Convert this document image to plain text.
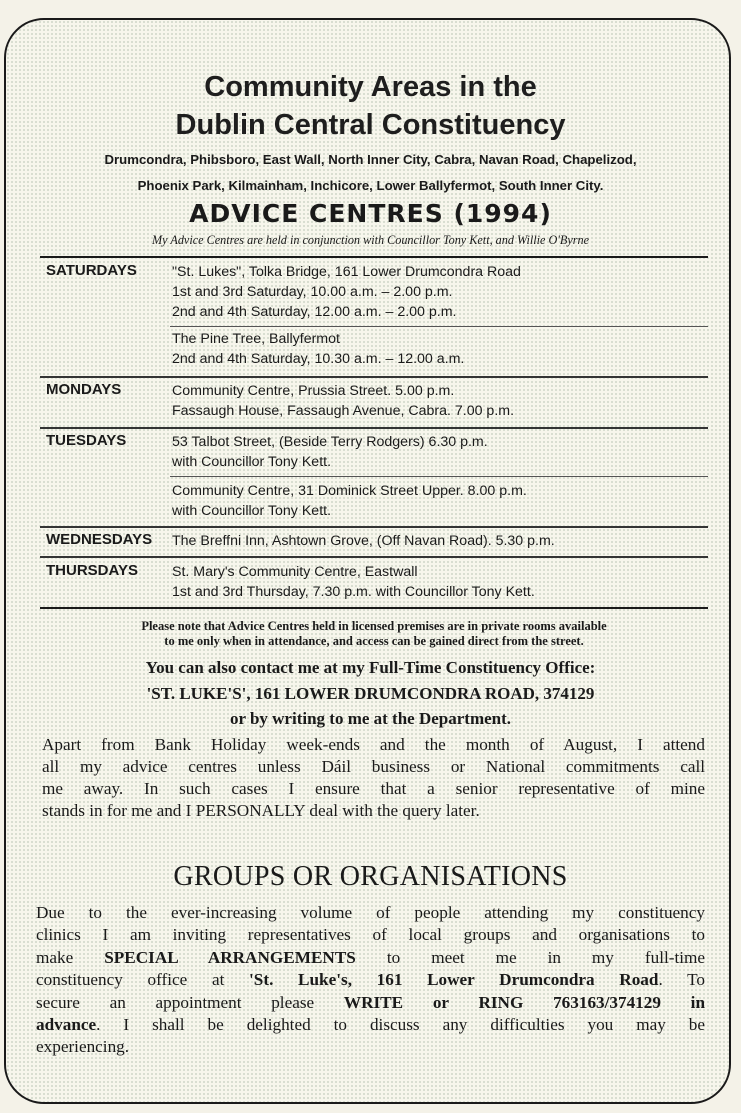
Community Areas in the
Dublin Central Constituency
Drumcondra, Phibsboro, East Wall, North Inner City, Cabra, Navan Road, Chapelizod,
Phoenix Park, Kilmainham, Inchicore, Lower Ballyfermot, South Inner City.
ADVICE CENTRES (1994)
My Advice Centres are held in conjunction with Councillor Tony Kett, and Willie O'Byrne
SATURDAYS "St. Lukes", Tolka Bridge, 161 Lower Drumcondra Road
1st and 3rd Saturday, 10.00 a.m. – 2.00 p.m.
2nd and 4th Saturday, 12.00 a.m. – 2.00 p.m.
The Pine Tree, Ballyfermot
2nd and 4th Saturday, 10.30 a.m. – 12.00 a.m.
MONDAYS	Community Centre, Prussia Street. 5.00 p.m.
Fassaugh House, Fassaugh Avenue, Cabra. 7.00 p.m.
TUESDAYS	53 Talbot Street, (Beside Terry Rodgers) 6.30 p.m.
with Councillor Tony Kett.
Community Centre, 31 Dominick Street Upper. 8.00 p.m.
with Councillor Tony Kett.
WEDNESDAYS The Breffni Inn, Ashtown Grove, (Off Navan Road). 5.30 p.m.
THURSDAYS St. Mary's Community Centre, Eastwall
1st and 3rd Thursday, 7.30 p.m. with Councillor Tony Kett.
Please note that Advice Centres held in licensed premises are in private rooms available
to me only when in attendance, and access can be gained direct from the street.
You can also contact me at my Full-Time Constituency Office:
'ST. LUKE'S', 161 LOWER DRUMCONDRA ROAD, 374129
or by writing to me at the Department.
Apart from Bank Holiday week-ends and the month of August, I attend
all my advice centres unless Dáil business or National commitments call
me away. In such cases I ensure that a senior representative of mine
stands in for me and I PERSONALLY deal with the query later.
GROUPS OR ORGANISATIONS
Due to the ever-increasing volume of people attending my constituency
clinics I am inviting representatives of local groups and organisations to
make SPECIAL ARRANGEMENTS to meet me in my full-time
constituency office at 'St. Luke's, 161 Lower Drumcondra Road. To
secure an appointment please WRITE or RING 763163/374129 in
advance. I shall be delighted to discuss any difficulties you may be
experiencing.
